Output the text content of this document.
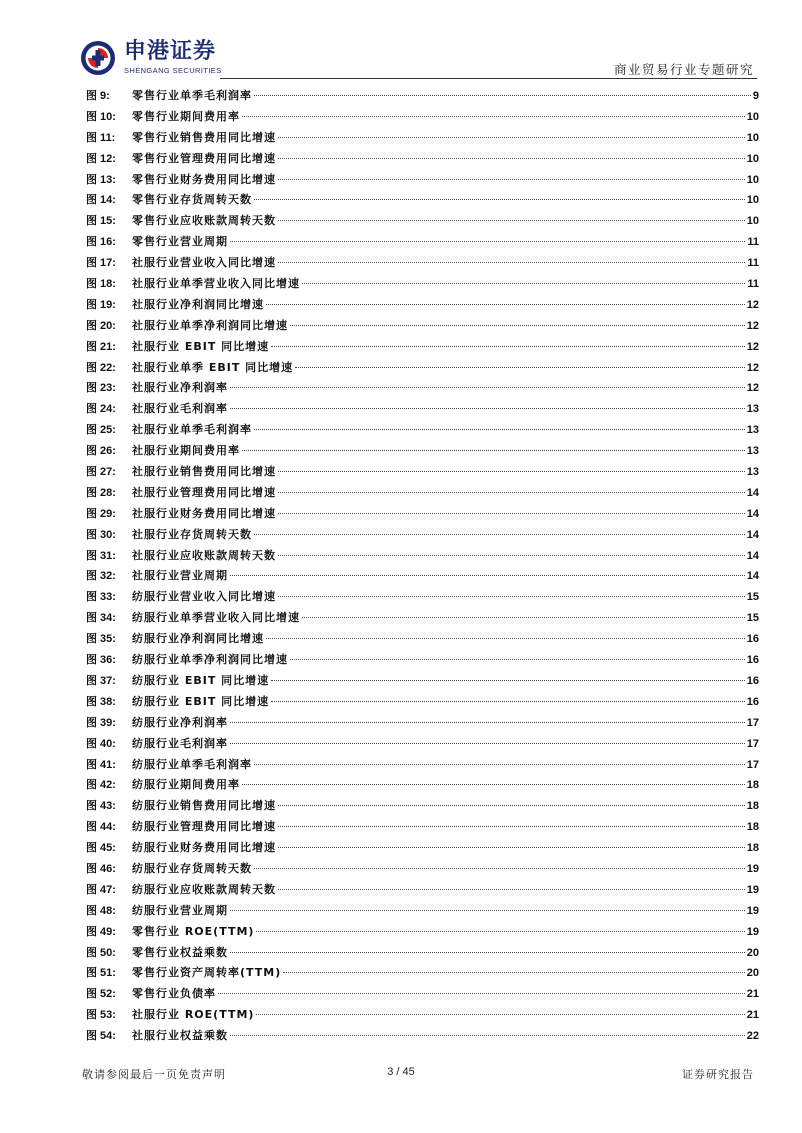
申港证券
SHENGANG SECURITIES	商业贸易行业专题研究
图 9:	零售行业单季毛利润率	9
图 10:	零售行业期间费用率	10
图 11:	零售行业销售费用同比增速	10
图 12:	零售行业管理费用同比增速	10
图 13:	零售行业财务费用同比增速	10
图 14:	零售行业存货周转天数	10
图 15:	零售行业应收账款周转天数	10
图 16:	零售行业营业周期	11
图 17:	社服行业营业收入同比增速	11
图 18:	社服行业单季营业收入同比增速	11
图 19:	社服行业净利润同比增速	12
图 20:	社服行业单季净利润同比增速	12
图 21:	社服行业 EBIT 同比增速	12
图 22:	社服行业单季 EBIT 同比增速	12
图 23:	社服行业净利润率	12
图 24:	社服行业毛利润率	13
图 25:	社服行业单季毛利润率	13
图 26:	社服行业期间费用率	13
图 27:	社服行业销售费用同比增速	13
图 28:	社服行业管理费用同比增速	14
图 29:	社服行业财务费用同比增速	14
图 30:	社服行业存货周转天数	14
图 31:	社服行业应收账款周转天数	14
图 32:	社服行业营业周期	14
图 33:	纺服行业营业收入同比增速	15
图 34:	纺服行业单季营业收入同比增速	15
图 35:	纺服行业净利润同比增速	16
图 36:	纺服行业单季净利润同比增速	16
图 37:	纺服行业 EBIT 同比增速	16
图 38:	纺服行业 EBIT 同比增速	16
图 39:	纺服行业净利润率	17
图 40:	纺服行业毛利润率	17
图 41:	纺服行业单季毛利润率	17
图 42:	纺服行业期间费用率	18
图 43:	纺服行业销售费用同比增速	18
图 44:	纺服行业管理费用同比增速	18
图 45:	纺服行业财务费用同比增速	18
图 46:	纺服行业存货周转天数	19
图 47:	纺服行业应收账款周转天数	19
图 48:	纺服行业营业周期	19
图 49:	零售行业 ROE(TTM)	19
图 50:	零售行业权益乘数	20
图 51:	零售行业资产周转率(TTM)	20
图 52:	零售行业负债率	21
图 53:	社服行业 ROE(TTM)	21
图 54:	社服行业权益乘数	22
敬请参阅最后一页免责声明	3 / 45	证券研究报告
